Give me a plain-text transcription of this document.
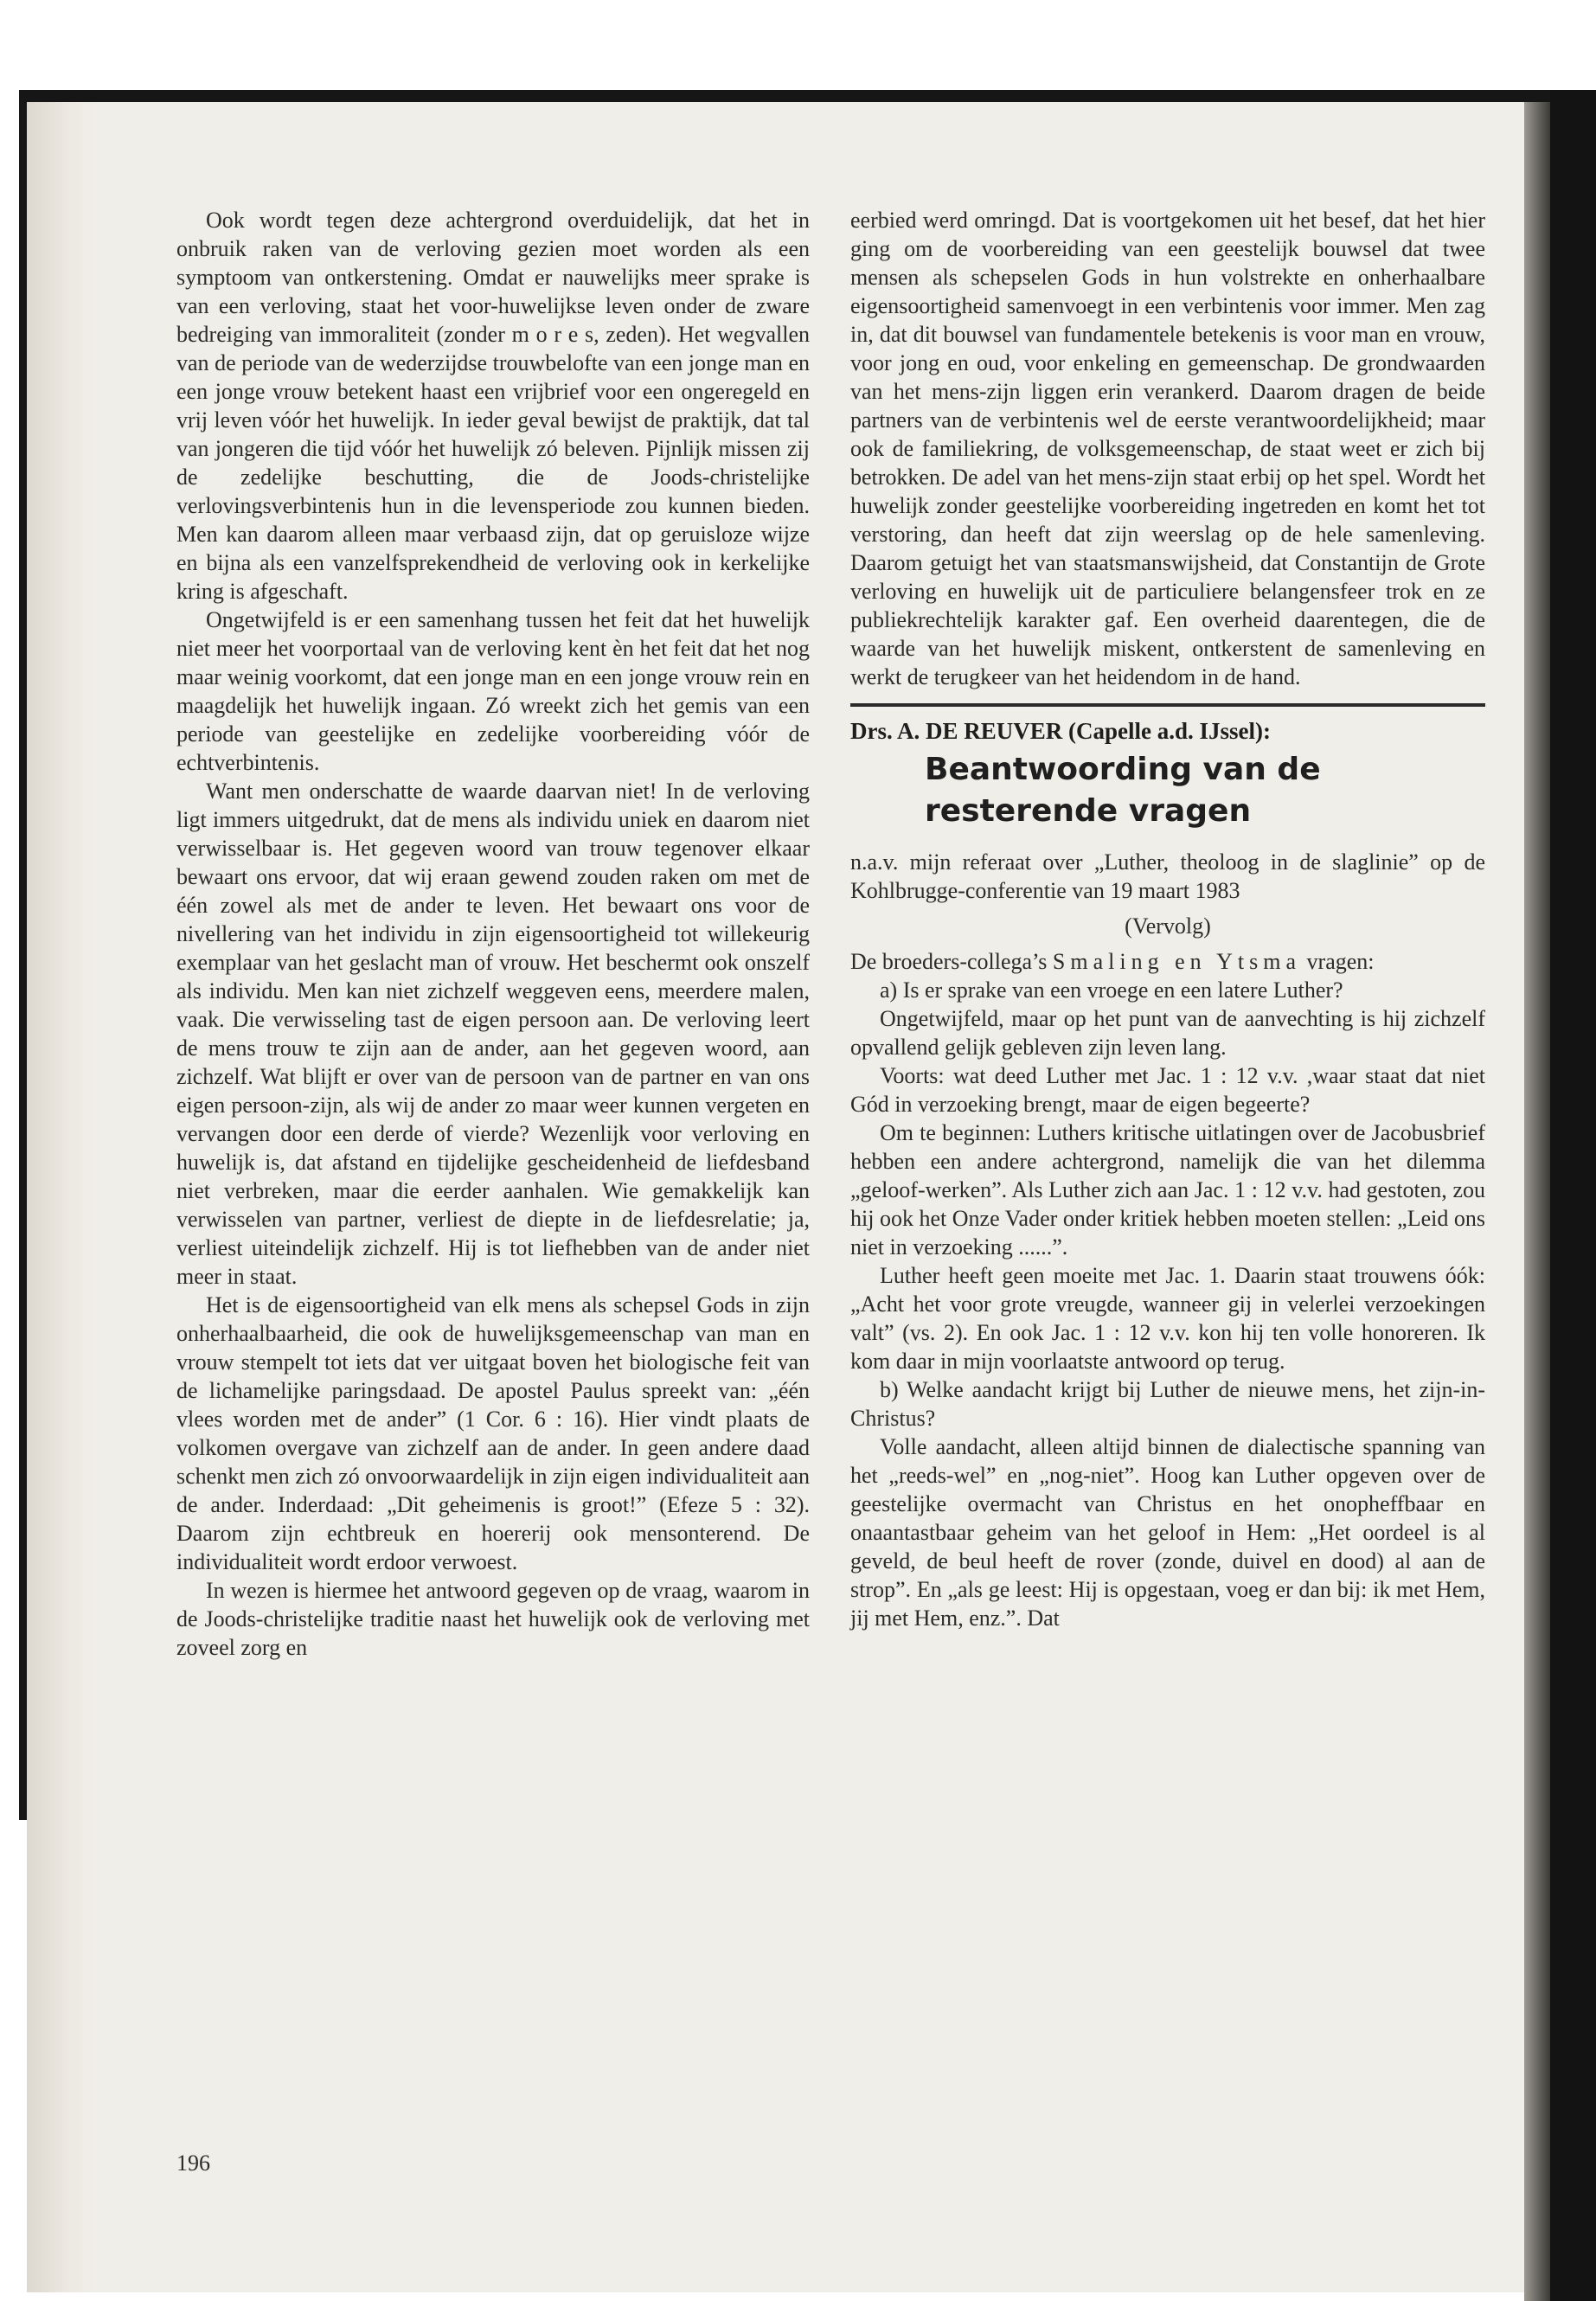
Ook wordt tegen deze achtergrond overduidelijk, dat het in onbruik raken van de verloving gezien moet worden als een symptoom van ontkerstening. Omdat er nauwelijks meer sprake is van een verloving, staat het voor-huwelijkse leven onder de zware bedreiging van immoraliteit (zonder m o r e s, zeden). Het wegvallen van de periode van de wederzijdse trouwbelofte van een jonge man en een jonge vrouw betekent haast een vrijbrief voor een ongeregeld en vrij leven vóór het huwelijk. In ieder geval bewijst de praktijk, dat tal van jongeren die tijd vóór het huwelijk zó beleven. Pijnlijk missen zij de zedelijke beschutting, die de Joods-christelijke verlovingsverbintenis hun in die levensperiode zou kunnen bieden. Men kan daarom alleen maar verbaasd zijn, dat op geruisloze wijze en bijna als een vanzelfsprekendheid de verloving ook in kerkelijke kring is afgeschaft.

Ongetwijfeld is er een samenhang tussen het feit dat het huwelijk niet meer het voorportaal van de verloving kent èn het feit dat het nog maar weinig voorkomt, dat een jonge man en een jonge vrouw rein en maagdelijk het huwelijk ingaan. Zó wreekt zich het gemis van een periode van geestelijke en zedelijke voorbereiding vóór de echtverbintenis.

Want men onderschatte de waarde daarvan niet! In de verloving ligt immers uitgedrukt, dat de mens als individu uniek en daarom niet verwisselbaar is. Het gegeven woord van trouw tegenover elkaar bewaart ons ervoor, dat wij eraan gewend zouden raken om met de één zowel als met de ander te leven. Het bewaart ons voor de nivellering van het individu in zijn eigensoortigheid tot willekeurig exemplaar van het geslacht man of vrouw. Het beschermt ook onszelf als individu. Men kan niet zichzelf weggeven eens, meerdere malen, vaak. Die verwisseling tast de eigen persoon aan. De verloving leert de mens trouw te zijn aan de ander, aan het gegeven woord, aan zichzelf. Wat blijft er over van de persoon van de partner en van ons eigen persoon-zijn, als wij de ander zo maar weer kunnen vergeten en vervangen door een derde of vierde? Wezenlijk voor verloving en huwelijk is, dat afstand en tijdelijke gescheidenheid de liefdesband niet verbreken, maar die eerder aanhalen. Wie gemakkelijk kan verwisselen van partner, verliest de diepte in de liefdesrelatie; ja, verliest uiteindelijk zichzelf. Hij is tot liefhebben van de ander niet meer in staat.

Het is de eigensoortigheid van elk mens als schepsel Gods in zijn onherhaalbaarheid, die ook de huwelijksgemeenschap van man en vrouw stempelt tot iets dat ver uitgaat boven het biologische feit van de lichamelijke paringsdaad. De apostel Paulus spreekt van: „één vlees worden met de ander” (1 Cor. 6 : 16). Hier vindt plaats de volkomen overgave van zichzelf aan de ander. In geen andere daad schenkt men zich zó onvoorwaardelijk in zijn eigen individualiteit aan de ander. Inderdaad: „Dit geheimenis is groot!” (Efeze 5 : 32). Daarom zijn echtbreuk en hoererij ook mensonterend. De individualiteit wordt erdoor verwoest.

In wezen is hiermee het antwoord gegeven op de vraag, waarom in de Joods-christelijke traditie naast het huwelijk ook de verloving met zoveel zorg en

eerbied werd omringd. Dat is voortgekomen uit het besef, dat het hier ging om de voorbereiding van een geestelijk bouwsel dat twee mensen als schepselen Gods in hun volstrekte en onherhaalbare eigensoortigheid samenvoegt in een verbintenis voor immer. Men zag in, dat dit bouwsel van fundamentele betekenis is voor man en vrouw, voor jong en oud, voor enkeling en gemeenschap. De grondwaarden van het mens-zijn liggen erin verankerd. Daarom dragen de beide partners van de verbintenis wel de eerste verantwoordelijkheid; maar ook de familiekring, de volksgemeenschap, de staat weet er zich bij betrokken. De adel van het mens-zijn staat erbij op het spel. Wordt het huwelijk zonder geestelijke voorbereiding ingetreden en komt het tot verstoring, dan heeft dat zijn weerslag op de hele samenleving. Daarom getuigt het van staatsmanswijsheid, dat Constantijn de Grote verloving en huwelijk uit de particuliere belangensfeer trok en ze publiekrechtelijk karakter gaf. Een overheid daarentegen, die de waarde van het huwelijk miskent, ontkerstent de samenleving en werkt de terugkeer van het heidendom in de hand.

Drs. A. DE REUVER (Capelle a.d. IJssel):
Beantwoording van de resterende vragen

n.a.v. mijn referaat over „Luther, theoloog in de slaglinie” op de Kohlbrugge-conferentie van 19 maart 1983

(Vervolg)

De broeders-collega’s Smaling en Ytsma vragen:

a) Is er sprake van een vroege en een latere Luther?

Ongetwijfeld, maar op het punt van de aanvechting is hij zichzelf opvallend gelijk gebleven zijn leven lang.

Voorts: wat deed Luther met Jac. 1 : 12 v.v. ,waar staat dat niet Gód in verzoeking brengt, maar de eigen begeerte?

Om te beginnen: Luthers kritische uitlatingen over de Jacobusbrief hebben een andere achtergrond, namelijk die van het dilemma „geloof-werken”. Als Luther zich aan Jac. 1 : 12 v.v. had gestoten, zou hij ook het Onze Vader onder kritiek hebben moeten stellen: „Leid ons niet in verzoeking ......”.

Luther heeft geen moeite met Jac. 1. Daarin staat trouwens óók: „Acht het voor grote vreugde, wanneer gij in velerlei verzoekingen valt” (vs. 2). En ook Jac. 1 : 12 v.v. kon hij ten volle honoreren. Ik kom daar in mijn voorlaatste antwoord op terug.

b) Welke aandacht krijgt bij Luther de nieuwe mens, het zijn-in-Christus?

Volle aandacht, alleen altijd binnen de dialectische spanning van het „reeds-wel” en „nog-niet”. Hoog kan Luther opgeven over de geestelijke overmacht van Christus en het onopheffbaar en onaantastbaar geheim van het geloof in Hem: „Het oordeel is al geveld, de beul heeft de rover (zonde, duivel en dood) al aan de strop”. En „als ge leest: Hij is opgestaan, voeg er dan bij: ik met Hem, jij met Hem, enz.”. Dat

196
